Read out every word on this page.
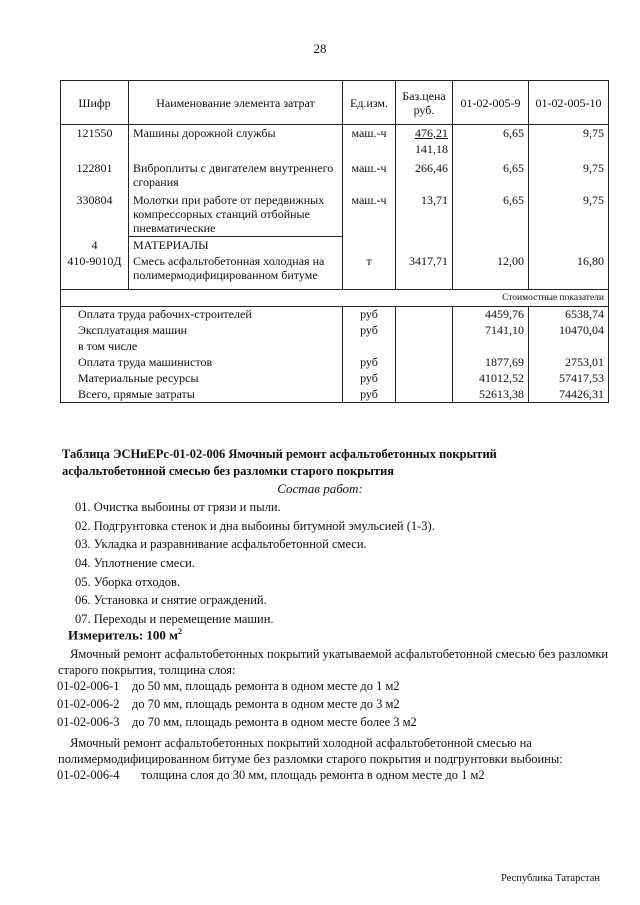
28
Шифр	Наименование элемента затрат	Ед.изм.	Баз.цена руб.	01-02-005-9	01-02-005-10
121550	Машины дорожной службы	маш.-ч	476,21	6,65	9,75
			141,18		
122801	Виброплиты с двигателем внутреннего сгорания	маш.-ч	266,46	6,65	9,75
330804	Молотки при работе от передвижных компрессорных станций отбойные пневматические	маш.-ч	13,71	6,65	9,75
4	МАТЕРИАЛЫ				
410-9010Д	Смесь асфальтобетонная холодная на полимермодифицированном битуме	т	3417,71	12,00	16,80
Стоимостные показатели					
Оплата труда рабочих-строителей		руб		4459,76	6538,74
Эксплуатация машин		руб		7141,10	10470,04
в том числе					
Оплата труда машинистов		руб		1877,69	2753,01
Материальные ресурсы		руб		41012,52	57417,53
Всего, прямые затраты		руб		52613,38	74426,31
Таблица ЭСНиЕРс-01-02-006 Ямочный ремонт асфальтобетонных покрытий асфальтобетонной смесью без разломки старого покрытия
Состав работ:
01. Очистка выбоины от грязи и пыли.
02. Подгрунтовка стенок и дна выбоины битумной эмульсией (1-3).
03. Укладка и разравнивание асфальтобетонной смеси.
04. Уплотнение смеси.
05. Уборка отходов.
06. Установка и снятие ограждений.
07. Переходы и перемещение машин.
Измеритель: 100 $м^2$
Ямочный ремонт асфальтобетонных покрытий укатываемой асфальтобетонной смесью без разломки старого покрытия, толщина слоя:
01-02-006-1 до 50 мм, площадь ремонта в одном месте до 1 м2
01-02-006-2 до 70 мм, площадь ремонта в одном месте до 3 м2
01-02-006-3 до 70 мм, площадь ремонта в одном месте более 3 м2
Ямочный ремонт асфальтобетонных покрытий холодной асфальтобетонной смесью на полимермодифицированном битуме без разломки старого покрытия и подгрунтовки выбоины:
01-02-006-4 толщина слоя до 30 мм, площадь ремонта в одном месте до 1 м2
Республика Татарстан
